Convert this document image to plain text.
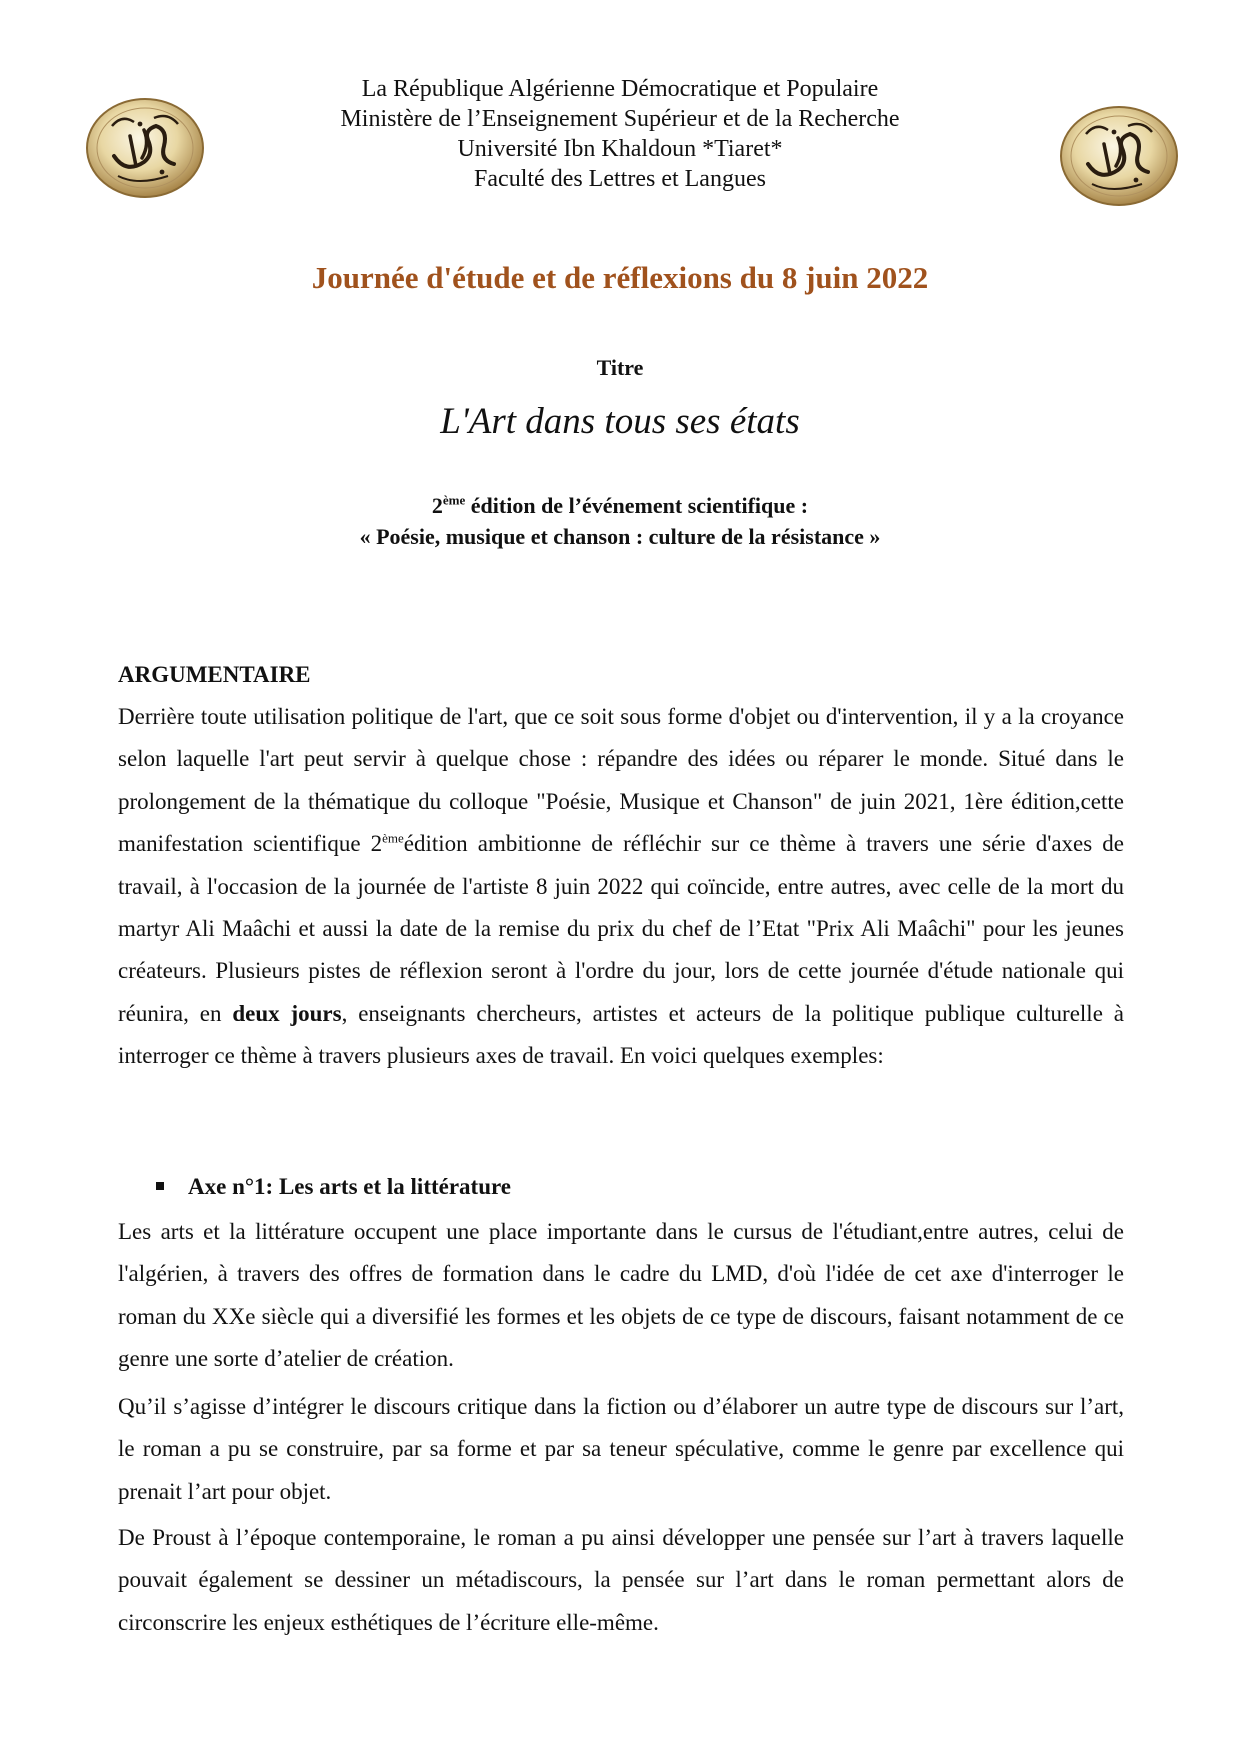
La République Algérienne Démocratique et Populaire
Ministère de l’Enseignement Supérieur et de la Recherche
Université Ibn Khaldoun *Tiaret*
Faculté des Lettres et Langues
Journée d'étude et de réflexions du 8 juin 2022
Titre
L'Art dans tous ses états
2ème édition de l’événement scientifique :
« Poésie, musique et chanson : culture de la résistance »
ARGUMENTAIRE
Derrière toute utilisation politique de l'art, que ce soit sous forme d'objet ou d'intervention, il y a la croyance selon laquelle l'art peut servir à quelque chose : répandre des idées ou réparer le monde. Situé dans le prolongement de la thématique du colloque "Poésie, Musique et Chanson" de juin 2021, 1ère édition,cette manifestation scientifique 2èmeédition ambitionne de réfléchir sur ce thème à travers une série d'axes de travail, à l'occasion de la journée de l'artiste 8 juin 2022 qui coïncide, entre autres, avec celle de la mort du martyr Ali Maâchi et aussi la date de la remise du prix du chef de l’Etat "Prix Ali Maâchi" pour les jeunes créateurs. Plusieurs pistes de réflexion seront à l'ordre du jour, lors de cette journée d'étude nationale qui réunira, en deux jours, enseignants chercheurs, artistes et acteurs de la politique publique culturelle à interroger ce thème à travers plusieurs axes de travail. En voici quelques exemples:
Axe n°1: Les arts et la littérature
Les arts et la littérature occupent une place importante dans le cursus de l'étudiant,entre autres, celui de l'algérien, à travers des offres de formation dans le cadre du LMD, d'où l'idée de cet axe d'interroger le roman du XXe siècle qui a diversifié les formes et les objets de ce type de discours, faisant notamment de ce genre une sorte d’atelier de création.
Qu’il s’agisse d’intégrer le discours critique dans la fiction ou d’élaborer un autre type de discours sur l’art, le roman a pu se construire, par sa forme et par sa teneur spéculative, comme le genre par excellence qui prenait l’art pour objet.
De Proust à l’époque contemporaine, le roman a pu ainsi développer une pensée sur l’art à travers laquelle pouvait également se dessiner un métadiscours, la pensée sur l’art dans le roman permettant alors de circonscrire les enjeux esthétiques de l’écriture elle-même.
